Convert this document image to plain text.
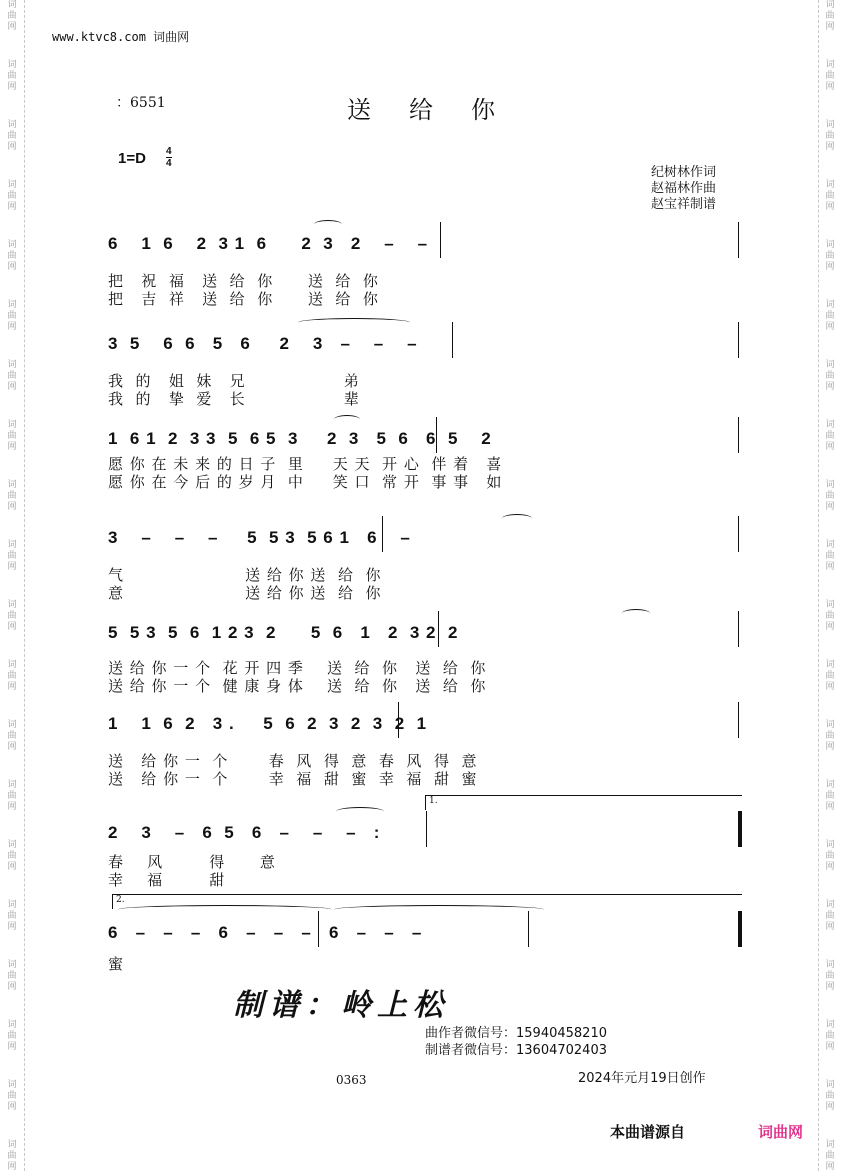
词
曲
网
词
曲
网
词
曲
网
词
曲
网
词
曲
网
词
曲
网
词
曲
网
词
曲
网
词
曲
网
词
曲
网
词
曲
网
词
曲
网
词
曲
网
词
曲
网
词
曲
网
词
曲
网
词
曲
网
词
曲
网
词
曲
网
词
曲
网
词
曲
网
词
曲
网
词
曲
网
词
曲
网
词
曲
网
词
曲
网
词
曲
网
词
曲
网
词
曲
网
词
曲
网
词
曲
网
词
曲
网
词
曲
网
词
曲
网
词
曲
网
词
曲
网
词
曲
网
词
曲
网
词
曲
网
词
曲
网
www.ktvc8.com 词曲网
：6551	送给你
$1=D \frac{4}{4}$
纪树林作词
赵福林作曲
赵宝祥制谱
6    1  6    2  3 1  6      2  3   2    –    –
把   祝  福   送  给  你      送  给  你
把   吉  祥   送  给  你      送  给  你
3  5    6  6   5   6     2    3   –    –    –
我  的   姐  妹   兄                 弟
我  的   挚  爱   长                 辈
1  6 1  2  3 3  5  6 5  3     2  3   5  6   6  5    2
愿 你 在 未 来 的 日 子  里     天 天  开 心  伴 着   喜
愿 你 在 今 后 的 岁 月  中     笑 口  常 开  事 事   如
3    –    –    –     5  5 3  5 6 1   6    –
气                     送 给 你 送  给  你
意                     送 给 你 送  给  你
5  5 3  5  6  1 2 3  2      5  6   1   2  3 2  2
送 给 你 一 个  花 开 四 季    送  给  你   送  给  你
送 给 你 一 个  健 康 身 体    送  给  你   送  给  你
1    1  6  2   3 .     5  6  2  3  2  3  2  1
送   给 你 一  个       春  风  得  意  春  风  得  意
送   给 你 一  个       幸  福  甜  蜜  幸  福  甜  蜜
1.
2    3    –   6  5   6   –    –    –   :
春    风        得      意
幸    福        甜
2.
6   –   –   –   6   –   –   –   6   –   –   –
蜜
制谱：岭上松
曲作者微信号：15940458210
制谱者微信号：13604702403
0363	2024年元月19日创作
本曲谱源自	词曲网
